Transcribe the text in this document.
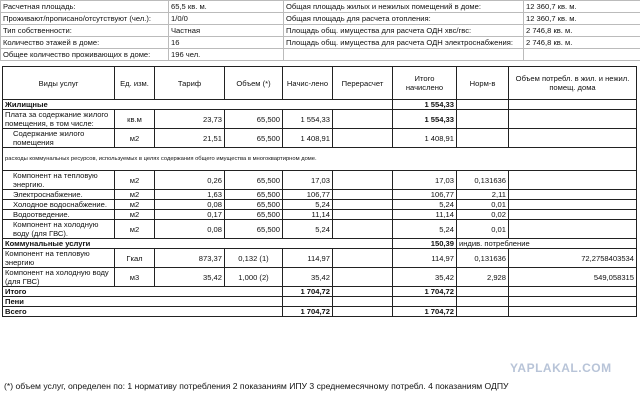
Расчетная площадь:	65,5 кв. м.	Общая площадь жилых и нежилых помещений в доме:	12 360,7 кв. м.
Проживают/прописано/отсутствуют (чел.):	1/0/0	Общая площадь для расчета отопления:	12 360,7 кв. м.
Тип собственности:	Частная	Площадь общ. имущества для расчета ОДН хвс/гвс:	2 746,8 кв. м.
Количество этажей в доме:	16	Площадь общ. имущества для расчета ОДН электроснабжения:	2 746,8 кв. м.
Общее количество проживающих в доме:	196 чел.		
Виды услуг	Ед. изм.	Тариф	Объем (*)	Начис-лено	Перерасчет	Итого начислено	Норм-в	Объем потребл. в жил. и нежил. помещ. дома
Жилищные						1 554,33		
Плата за содержание жилого помещения, в том числе:	кв.м	23,73	65,500	1 554,33		1 554,33		
Содержание жилого помещения	м2	21,51	65,500	1 408,91		1 408,91		
расходы коммунальных ресурсов, используемых в целях содержания общего имущества в многоквартирном доме.								
Компонент на тепловую энергию.	м2	0,26	65,500	17,03		17,03	0,131636	
Электроснабжение.	м2	1,63	65,500	106,77		106,77	2,11	
Холодное водоснабжение.	м2	0,08	65,500	5,24		5,24	0,01	
Водоотведение.	м2	0,17	65,500	11,14		11,14	0,02	
Компонент на холодную воду (для ГВС).	м2	0,08	65,500	5,24		5,24	0,01	
Коммунальные услуги						150,39	индив. потребление	
Компонент на тепловую энергию	Гкал	873,37	0,132 (1)	114,97		114,97	0,131636	72,2758403534
Компонент на холодную воду (для ГВС)	м3	35,42	1,000 (2)	35,42		35,42	2,928	549,058315
Итого				1 704,72		1 704,72		
Пени								
Всего				1 704,72		1 704,72		
YAPLAKAL.COM
(*) объем услуг, определен по: 1 нормативу потребления 2 показаниям ИПУ 3 среднемесячному потребл. 4 показаниям ОДПУ
